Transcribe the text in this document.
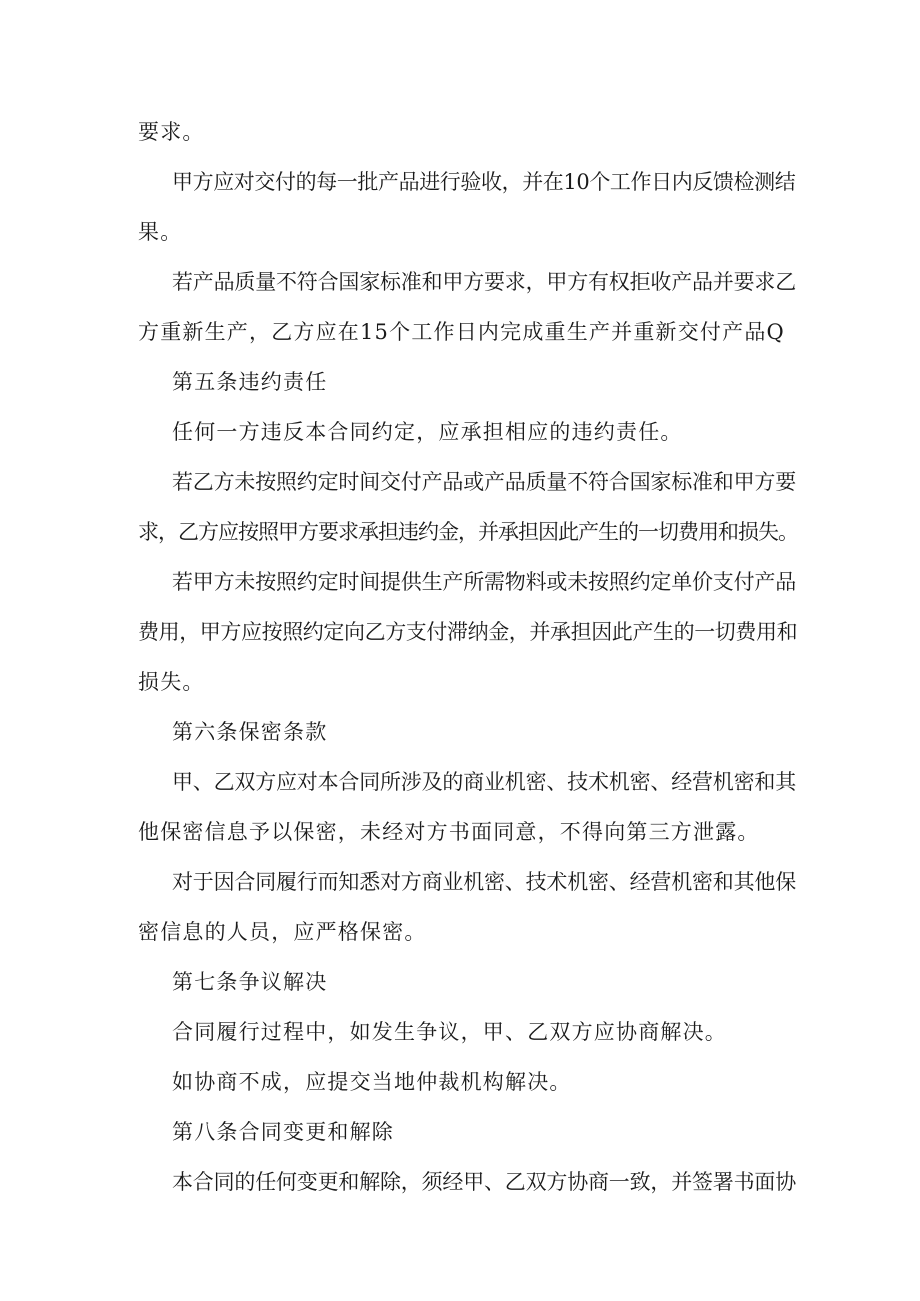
要求。
甲方应对交付的每一批产品进行验收，并在10个工作日内反馈检测结
果。
若产品质量不符合国家标准和甲方要求，甲方有权拒收产品并要求乙
方重新生产，乙方应在15个工作日内完成重生产并重新交付产品Q
第五条违约责任
任何一方违反本合同约定，应承担相应的违约责任。
若乙方未按照约定时间交付产品或产品质量不符合国家标准和甲方要
求，乙方应按照甲方要求承担违约金，并承担因此产生的一切费用和损失。
若甲方未按照约定时间提供生产所需物料或未按照约定单价支付产品
费用，甲方应按照约定向乙方支付滞纳金，并承担因此产生的一切费用和
损失。
第六条保密条款
甲、乙双方应对本合同所涉及的商业机密、技术机密、经营机密和其
他保密信息予以保密，未经对方书面同意，不得向第三方泄露。
对于因合同履行而知悉对方商业机密、技术机密、经营机密和其他保
密信息的人员，应严格保密。
第七条争议解决
合同履行过程中，如发生争议，甲、乙双方应协商解决。
如协商不成，应提交当地仲裁机构解决。
第八条合同变更和解除
本合同的任何变更和解除，须经甲、乙双方协商一致，并签署书面协
